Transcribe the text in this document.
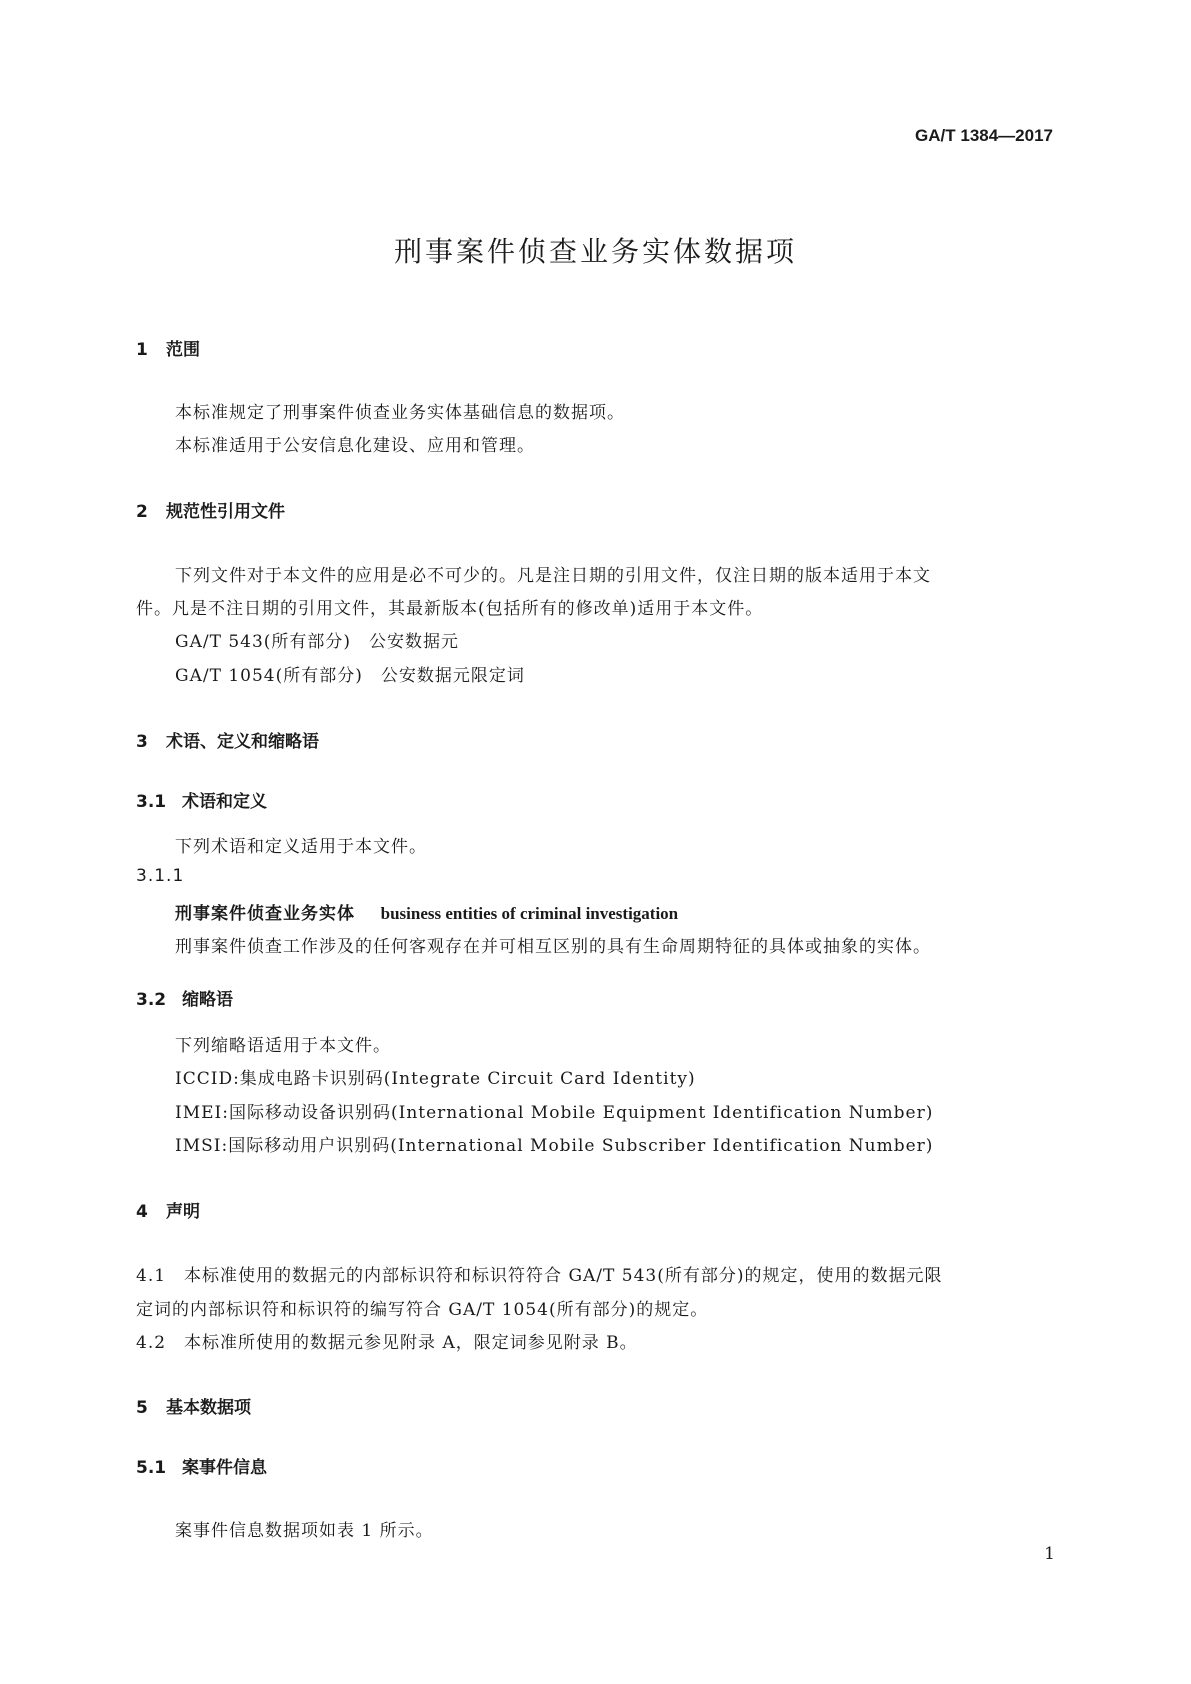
GA/T 1384—2017
刑事案件侦查业务实体数据项
1 范围
本标准规定了刑事案件侦查业务实体基础信息的数据项。
本标准适用于公安信息化建设、应用和管理。
2 规范性引用文件
下列文件对于本文件的应用是必不可少的。凡是注日期的引用文件，仅注日期的版本适用于本文
件。凡是不注日期的引用文件，其最新版本(包括所有的修改单)适用于本文件。
GA/T 543(所有部分)　公安数据元
GA/T 1054(所有部分)　公安数据元限定词
3 术语、定义和缩略语
3.1 术语和定义
下列术语和定义适用于本文件。
3.1.1
刑事案件侦查业务实体 business entities of criminal investigation
刑事案件侦查工作涉及的任何客观存在并可相互区别的具有生命周期特征的具体或抽象的实体。
3.2 缩略语
下列缩略语适用于本文件。
ICCID:集成电路卡识别码(Integrate Circuit Card Identity)
IMEI:国际移动设备识别码(International Mobile Equipment Identification Number)
IMSI:国际移动用户识别码(International Mobile Subscriber Identification Number)
4 声明
4.1　本标准使用的数据元的内部标识符和标识符符合 GA/T 543(所有部分)的规定，使用的数据元限
定词的内部标识符和标识符的编写符合 GA/T 1054(所有部分)的规定。
4.2　本标准所使用的数据元参见附录 A，限定词参见附录 B。
5 基本数据项
5.1 案事件信息
案事件信息数据项如表 1 所示。
1
